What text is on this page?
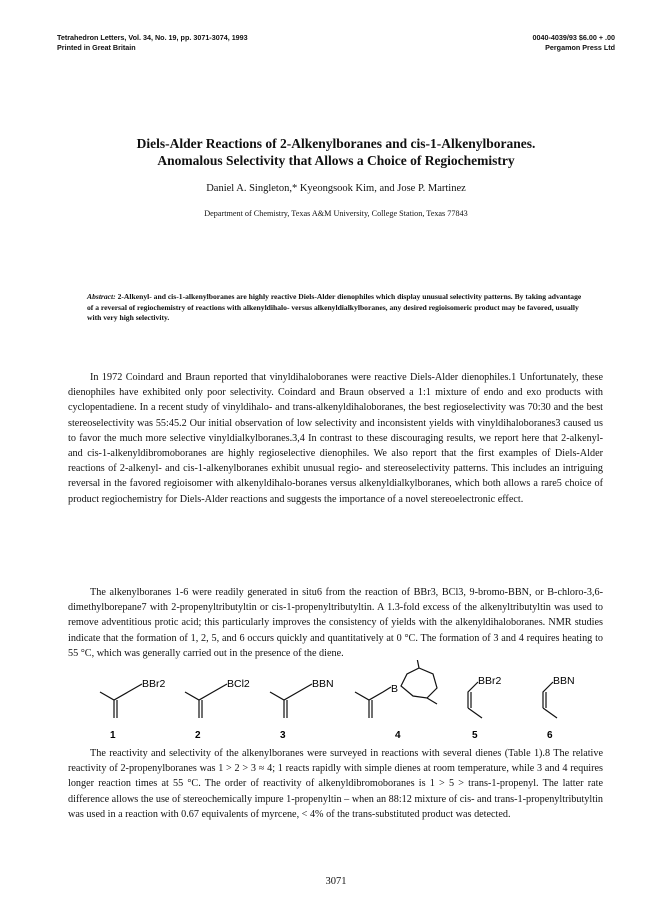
Tetrahedron Letters, Vol. 34, No. 19, pp. 3071-3074, 1993
Printed in Great Britain
0040-4039/93 $6.00 + .00
Pergamon Press Ltd
Diels-Alder Reactions of 2-Alkenylboranes and cis-1-Alkenylboranes.
Anomalous Selectivity that Allows a Choice of Regiochemistry
Daniel A. Singleton,* Kyeongsook Kim, and Jose P. Martinez
Department of Chemistry, Texas A&M University, College Station, Texas 77843
Abstract: 2-Alkenyl- and cis-1-alkenylboranes are highly reactive Diels-Alder dienophiles which display unusual selectivity patterns. By taking advantage of a reversal of regiochemistry of reactions with alkenyldihalo- versus alkenyldialkylboranes, any desired regioisomeric product may be favored, usually with very high selectivity.

In 1972 Coindard and Braun reported that vinyldihaloboranes were reactive Diels-Alder dienophiles.1 Unfortunately, these dienophiles have exhibited only poor selectivity. Coindard and Braun observed a 1:1 mixture of endo and exo products with cyclopentadiene. In a recent study of vinyldihalo- and trans-alkenyldihaloboranes, the best regioselectivity was 70:30 and the best stereoselectivity was 55:45.2 Our initial observation of low selectivity and inconsistent yields with vinyldihaloboranes3 caused us to favor the much more selective vinyldialkylboranes.3,4 In contrast to these discouraging results, we report here that 2-alkenyl- and cis-1-alkenyldibromoboranes are highly regioselective dienophiles. We also report that the first examples of Diels-Alder reactions of 2-alkenyl- and cis-1-alkenylboranes exhibit unusual regio- and stereoselectivity patterns. This includes an intriguing reversal in the favored regioisomer with alkenyldihalo-boranes versus alkenyldialkylboranes, which both allows a rare5 choice of product regiochemistry for Diels-Alder reactions and suggests the importance of a novel stereoelectronic effect.

The alkenylboranes 1-6 were readily generated in situ6 from the reaction of BBr3, BCl3, 9-bromo-BBN, or B-chloro-3,6-dimethylborepane7 with 2-propenyltributyltin or cis-1-propenyltributyltin. A 1.3-fold excess of the alkenyltributyltin was used to remove adventitious protic acid; this particularly improves the consistency of yields with the alkenyldihaloboranes. NMR studies indicate that the formation of 1, 2, 5, and 6 occurs quickly and quantitatively at 0 °C. The formation of 3 and 4 requires heating to 55 °C, which was generally carried out in the presence of the diene.

BBr2
1
BCl2
2
BBN
3
B
4
BBr2
5
BBN
6

The reactivity and selectivity of the alkenylboranes were surveyed in reactions with several dienes (Table 1).8 The relative reactivity of 2-propenylboranes was 1 > 2 > 3 ≈ 4; 1 reacts rapidly with simple dienes at room temperature, while 3 and 4 requires longer reaction times at 55 °C. The order of reactivity of alkenyldibromoboranes is 1 > 5 > trans-1-propenyl. The latter rate difference allows the use of stereochemically impure 1-propenyltin – when an 88:12 mixture of cis- and trans-1-propenyltributyltin was used in a reaction with 0.67 equivalents of myrcene, < 4% of the trans-substituted product was detected.

3071
